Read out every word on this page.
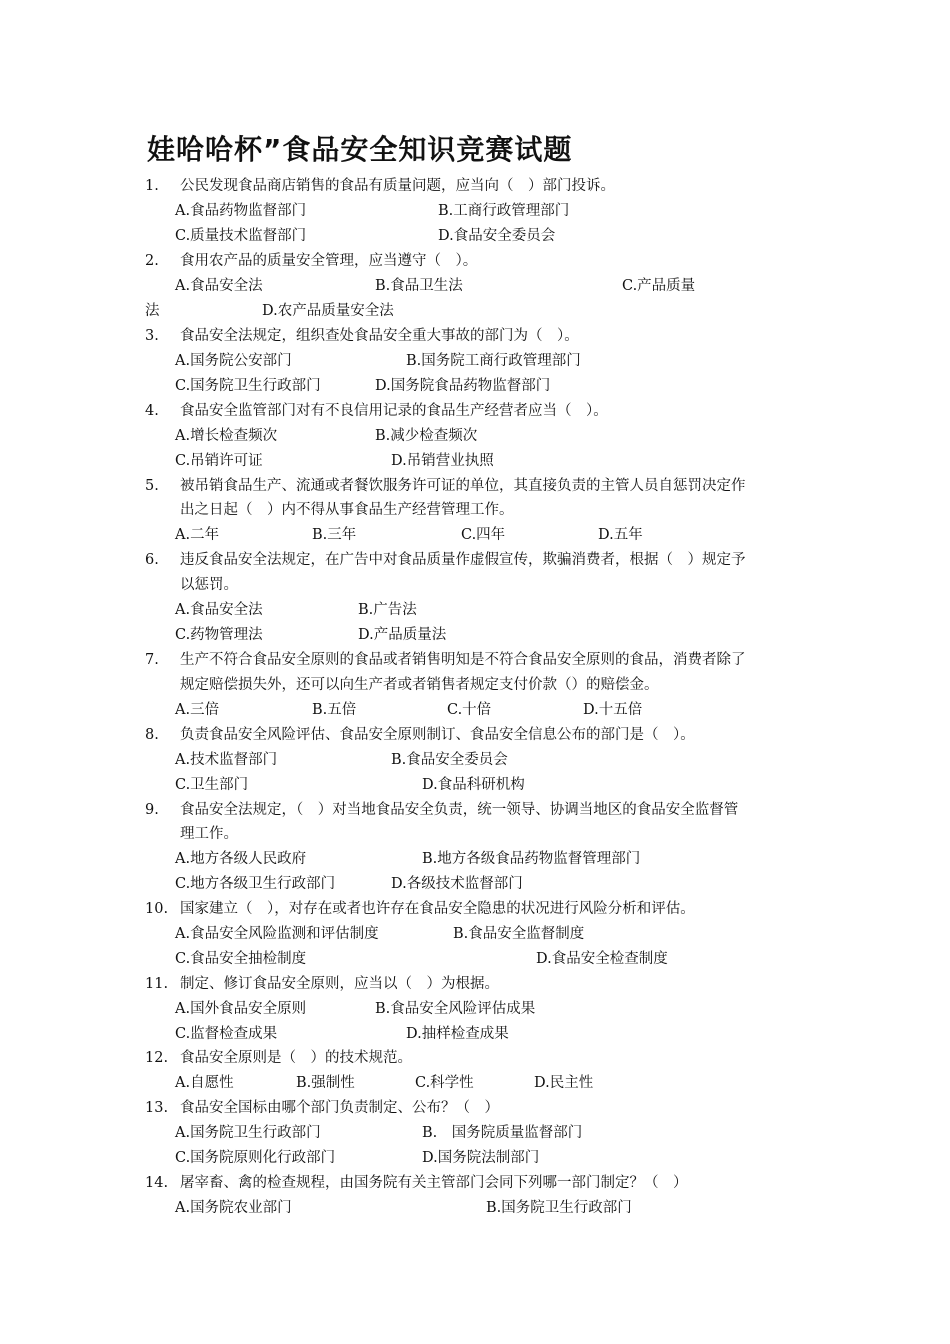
娃哈哈杯”食品安全知识竞赛试题
1. 公民发现食品商店销售的食品有质量问题，应当向（　）部门投诉。
A.食品药物监督部门	B.工商行政管理部门
C.质量技术监督部门	D.食品安全委员会
2. 食用农产品的质量安全管理，应当遵守（　）。
A.食品安全法	B.食品卫生法	C.产品质量
法	D.农产品质量安全法
3. 食品安全法规定，组织查处食品安全重大事故的部门为（　）。
A.国务院公安部门	B.国务院工商行政管理部门
C.国务院卫生行政部门	D.国务院食品药物监督部门
4. 食品安全监管部门对有不良信用记录的食品生产经营者应当（　）。
A.增长检查频次	B.减少检查频次
C.吊销许可证	D.吊销营业执照
5. 被吊销食品生产、流通或者餐饮服务许可证的单位，其直接负责的主管人员自惩罚决定作
出之日起（　）内不得从事食品生产经营管理工作。
A.二年	B.三年	C.四年	D.五年
6. 违反食品安全法规定，在广告中对食品质量作虚假宣传，欺骗消费者，根据（　）规定予
以惩罚。
A.食品安全法	B.广告法
C.药物管理法	D.产品质量法
7. 生产不符合食品安全原则的食品或者销售明知是不符合食品安全原则的食品，消费者除了
规定赔偿损失外，还可以向生产者或者销售者规定支付价款（）的赔偿金。
A.三倍	B.五倍	C.十倍	D.十五倍
8. 负责食品安全风险评估、食品安全原则制订、食品安全信息公布的部门是（　）。
A.技术监督部门	B.食品安全委员会
C.卫生部门	D.食品科研机构
9. 食品安全法规定，（　）对当地食品安全负责，统一领导、协调当地区的食品安全监督管
理工作。
A.地方各级人民政府	B.地方各级食品药物监督管理部门
C.地方各级卫生行政部门	D.各级技术监督部门
10. 国家建立（　），对存在或者也许存在食品安全隐患的状况进行风险分析和评估。
A.食品安全风险监测和评估制度	B.食品安全监督制度
C.食品安全抽检制度	D.食品安全检查制度
11. 制定、修订食品安全原则，应当以（　）为根据。
A.国外食品安全原则	B.食品安全风险评估成果
C.监督检查成果	D.抽样检查成果
12. 食品安全原则是（　）的技术规范。
A.自愿性	B.强制性	C.科学性	D.民主性
13. 食品安全国标由哪个部门负责制定、公布？（　）
A.国务院卫生行政部门	B.　国务院质量监督部门
C.国务院原则化行政部门	D.国务院法制部门
14. 屠宰畜、禽的检查规程，由国务院有关主管部门会同下列哪一部门制定？（　）
A.国务院农业部门	B.国务院卫生行政部门
